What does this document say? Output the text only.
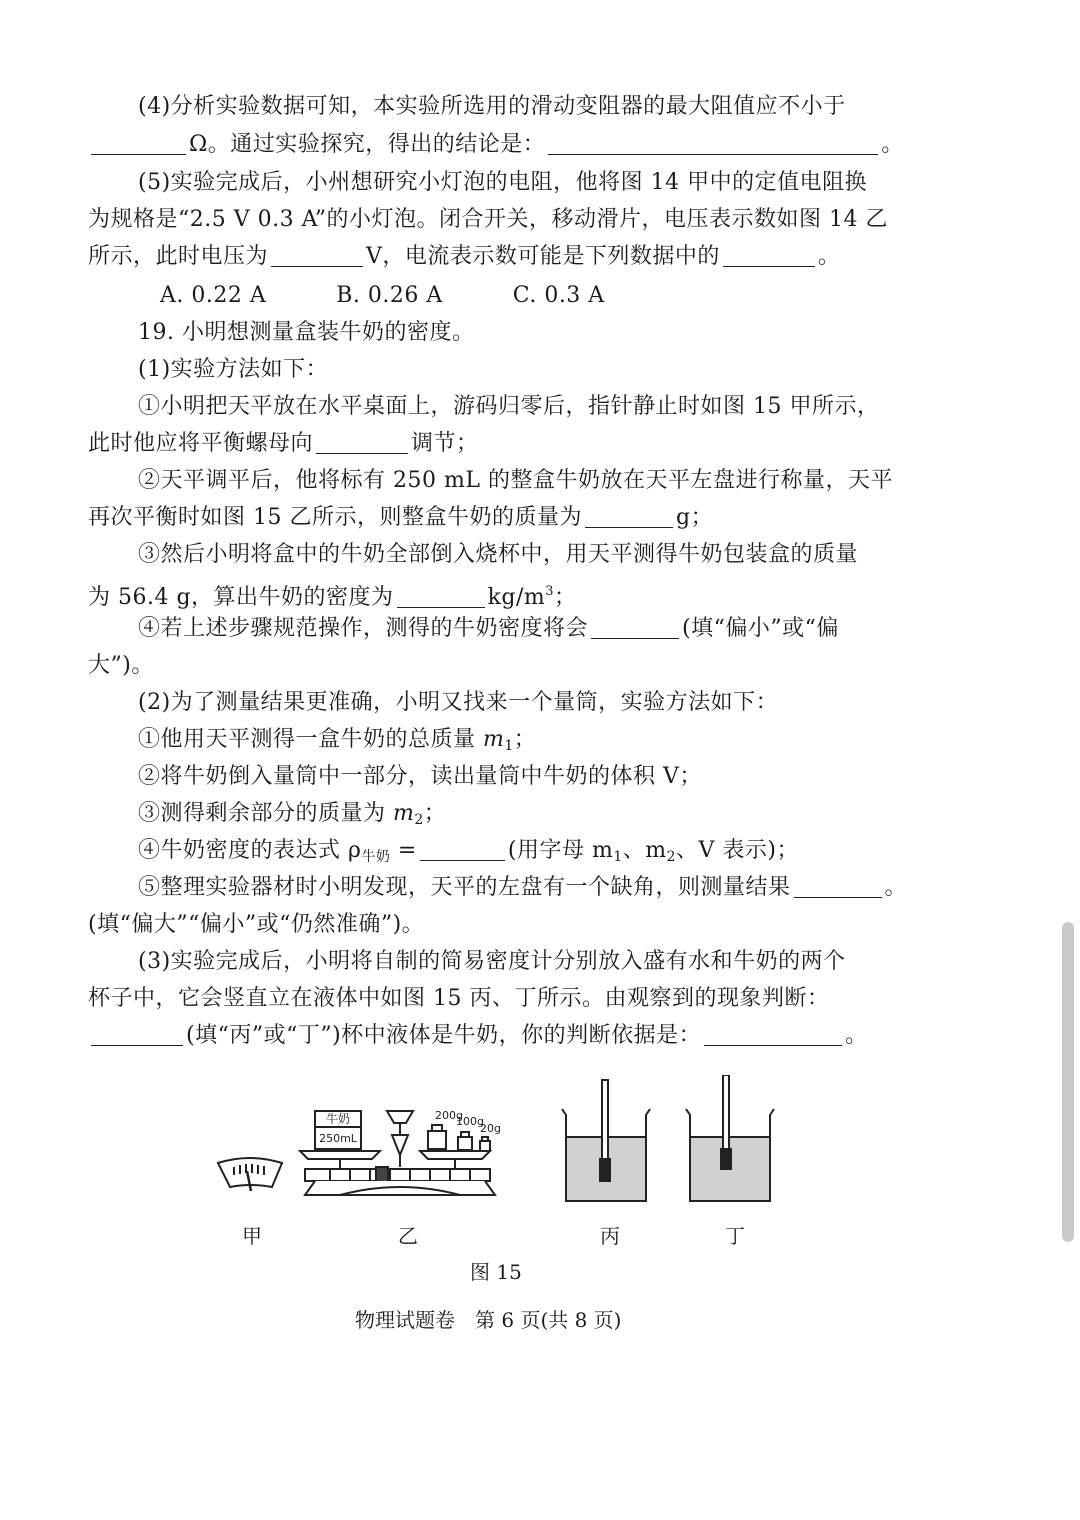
(4)分析实验数据可知，本实验所选用的滑动变阻器的最大阻值应不小于
Ω。通过实验探究，得出的结论是：	。
(5)实验完成后，小州想研究小灯泡的电阻，他将图 14 甲中的定值电阻换
为规格是“2.5 V 0.3 A”的小灯泡。闭合开关，移动滑片，电压表示数如图 14 乙
所示，此时电压为	V，电流表示数可能是下列数据中的	。
A. 0.22 A	B. 0.26 A	C. 0.3 A
19. 小明想测量盒装牛奶的密度。
(1)实验方法如下：
①小明把天平放在水平桌面上，游码归零后，指针静止时如图 15 甲所示，
此时他应将平衡螺母向	调节；
②天平调平后，他将标有 250 mL 的整盒牛奶放在天平左盘进行称量，天平
再次平衡时如图 15 乙所示，则整盒牛奶的质量为	g；
③然后小明将盒中的牛奶全部倒入烧杯中，用天平测得牛奶包装盒的质量
为 56.4 g，算出牛奶的密度为	$kg/m^3$；
④若上述步骤规范操作，测得的牛奶密度将会	(填“偏小”或“偏
大”)。
(2)为了测量结果更准确，小明又找来一个量筒，实验方法如下：
①他用天平测得一盒牛奶的总质量 $m_1$；
②将牛奶倒入量筒中一部分，读出量筒中牛奶的体积 V；
③测得剩余部分的质量为 $m_2$；
④牛奶密度的表达式 $\rho_{牛奶}$ =	(用字母 $m_1$、$m_2$、V 表示)；
⑤整理实验器材时小明发现，天平的左盘有一个缺角，则测量结果	。
(填“偏大”“偏小”或“仍然准确”)。
(3)实验完成后，小明将自制的简易密度计分别放入盛有水和牛奶的两个
杯子中，它会竖直立在液体中如图 15 丙、丁所示。由观察到的现象判断：
(填“丙”或“丁”)杯中液体是牛奶，你的判断依据是：	。
牛奶
250mL
200g
100g
20g
甲	乙	丙	丁
图 15
物理试题卷　第 6 页(共 8 页)
